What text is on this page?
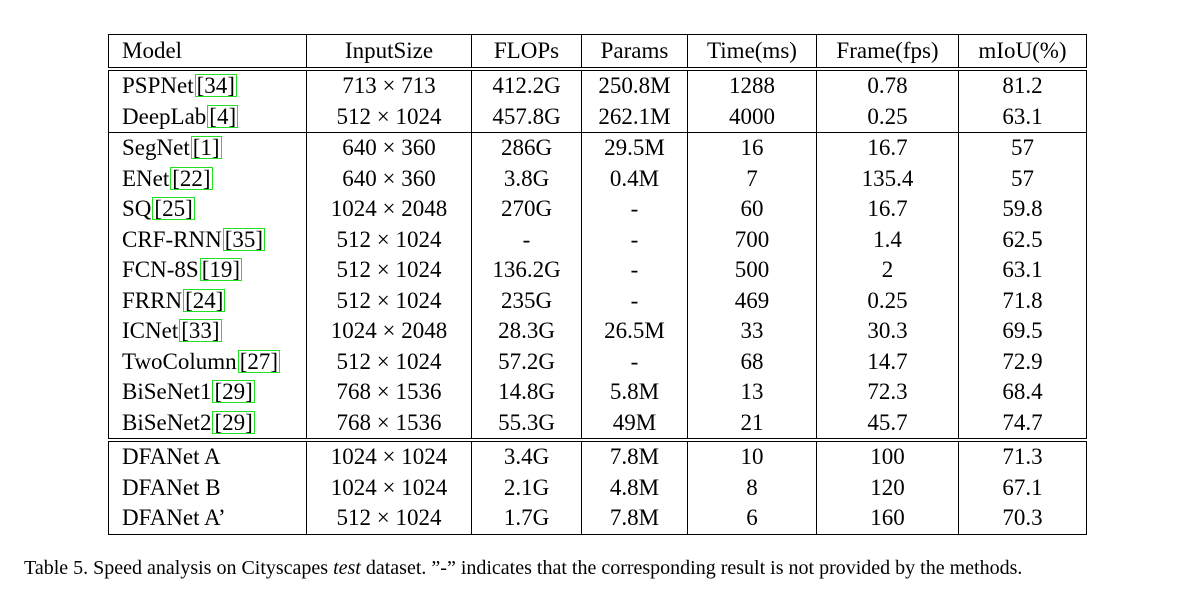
Model	InputSize	FLOPs	Params	Time(ms)	Frame(fps)	mIoU(%)
PSPNet [34]	713 × 713	412.2G	250.8M	1288	0.78	81.2
DeepLab [4]	512 × 1024	457.8G	262.1M	4000	0.25	63.1
SegNet [1]	640 × 360	286G	29.5M	16	16.7	57
ENet [22]	640 × 360	3.8G	0.4M	7	135.4	57
SQ [25]	1024 × 2048	270G	-	60	16.7	59.8
CRF-RNN [35]	512 × 1024	-	-	700	1.4	62.5
FCN-8S [19]	512 × 1024	136.2G	-	500	2	63.1
FRRN [24]	512 × 1024	235G	-	469	0.25	71.8
ICNet [33]	1024 × 2048	28.3G	26.5M	33	30.3	69.5
TwoColumn [27]	512 × 1024	57.2G	-	68	14.7	72.9
BiSeNet1 [29]	768 × 1536	14.8G	5.8M	13	72.3	68.4
BiSeNet2 [29]	768 × 1536	55.3G	49M	21	45.7	74.7
DFANet A	1024 × 1024	3.4G	7.8M	10	100	71.3
DFANet B	1024 × 1024	2.1G	4.8M	8	120	67.1
DFANet A’	512 × 1024	1.7G	7.8M	6	160	70.3
Table 5. Speed analysis on Cityscapes test dataset. ”-” indicates that the corresponding result is not provided by the methods.
